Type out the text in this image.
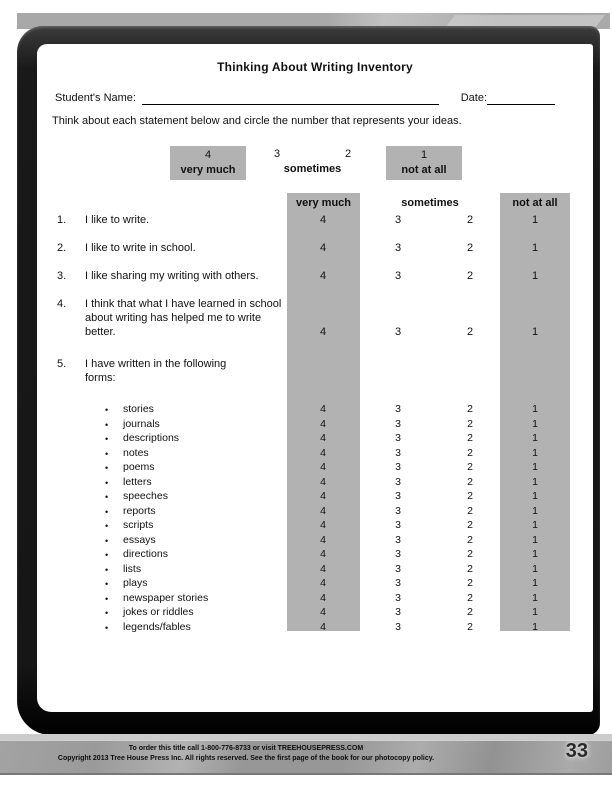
Thinking About Writing Inventory
Student's Name:	Date:
Think about each statement below and circle the number that represents your ideas.
4
very much
3	2
sometimes
1
not at all
very much	sometimes	not at all
1. I like to write.	4	3	2	1
2. I like to write in school.	4	3	2	1
3. I like sharing my writing with others.	4	3	2	1
4. I think that what I have learned in school about writing has helped me to write better.	4	3	2	1
5. I have written in the following forms:
• stories	4	3	2	1
• journals	4	3	2	1
• descriptions	4	3	2	1
• notes	4	3	2	1
• poems	4	3	2	1
• letters	4	3	2	1
• speeches	4	3	2	1
• reports	4	3	2	1
• scripts	4	3	2	1
• essays	4	3	2	1
• directions	4	3	2	1
• lists	4	3	2	1
• plays	4	3	2	1
• newspaper stories	4	3	2	1
• jokes or riddles	4	3	2	1
• legends/fables	4	3	2	1
To order this title call 1-800-776-8733 or visit TREEHOUSEPRESS.COM
Copyright 2013 Tree House Press Inc. All rights reserved. See the first page of the book for our photocopy policy.	33
